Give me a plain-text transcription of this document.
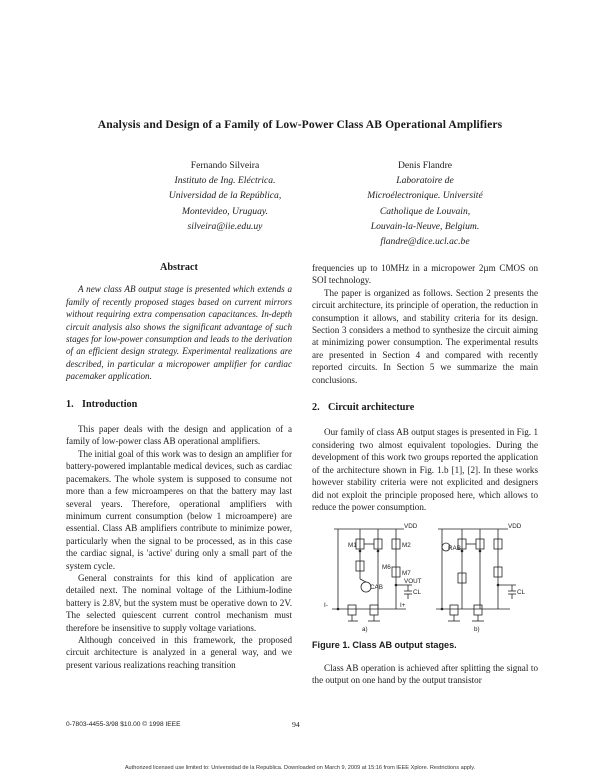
Analysis and Design of a Family of Low-Power Class AB Operational Amplifiers
Fernando Silveira
Instituto de Ing. Eléctrica.
Universidad de la República,
Montevideo, Uruguay.
silveira@iie.edu.uy
Denis Flandre
Laboratoire de
Microélectronique. Université
Catholique de Louvain,
Louvain-la-Neuve, Belgium.
flandre@dice.ucl.ac.be
Abstract

A new class AB output stage is presented which extends a family of recently proposed stages based on current mirrors without requiring extra compensation capacitances. In-depth circuit analysis also shows the significant advantage of such stages for low-power consumption and leads to the derivation of an efficient design strategy. Experimental realizations are described, in particular a micropower amplifier for cardiac pacemaker application.

1. Introduction

This paper deals with the design and application of a family of low-power class AB operational amplifiers.

The initial goal of this work was to design an amplifier for battery-powered implantable medical devices, such as cardiac pacemakers. The whole system is supposed to consume not more than a few microamperes on that the battery may last several years. Therefore, operational amplifiers with minimum current consumption (below 1 microampere) are essential. Class AB amplifiers contribute to minimize power, particularly when the signal to be processed, as in this case the cardiac signal, is 'active' during only a small part of the system cycle.

General constraints for this kind of application are detailed next. The nominal voltage of the Lithium-Iodine battery is 2.8V, but the system must be operative down to 2V. The selected quiescent current control mechanism must therefore be insensitive to supply voltage variations.

Although conceived in this framework, the proposed circuit architecture is analyzed in a general way, and we present various realizations reaching transition

frequencies up to 10MHz in a micropower 2µm CMOS on SOI technology.

The paper is organized as follows. Section 2 presents the circuit architecture, its principle of operation, the reduction in consumption it allows, and stability criteria for its design. Section 3 considers a method to synthesize the circuit aiming at minimizing power consumption. The experimental results are presented in Section 4 and compared with recently reported circuits. In Section 5 we summarize the main conclusions.

2. Circuit architecture

Our family of class AB output stages is presented in Fig. 1 considering two almost equivalent topologies. During the development of this work two groups reported the application of the architecture shown in Fig. 1.b [1], [2]. In these works however stability criteria were not explicited and designers did not exploit the principle proposed here, which allows to reduce the power consumption.

VDD
M1	M2
M6
M7
CAB
VOUT
CL
I-	I+
a)
RAB
VDD
CL
b)
Figure 1. Class AB output stages.

Class AB operation is achieved after splitting the signal to the output on one hand by the output transistor

0-7803-4455-3/98 $10.00 © 1998 IEEE	94
Authorized licensed use limited to: Universidad de la Republica. Downloaded on March 9, 2009 at 15:16 from IEEE Xplore. Restrictions apply.
